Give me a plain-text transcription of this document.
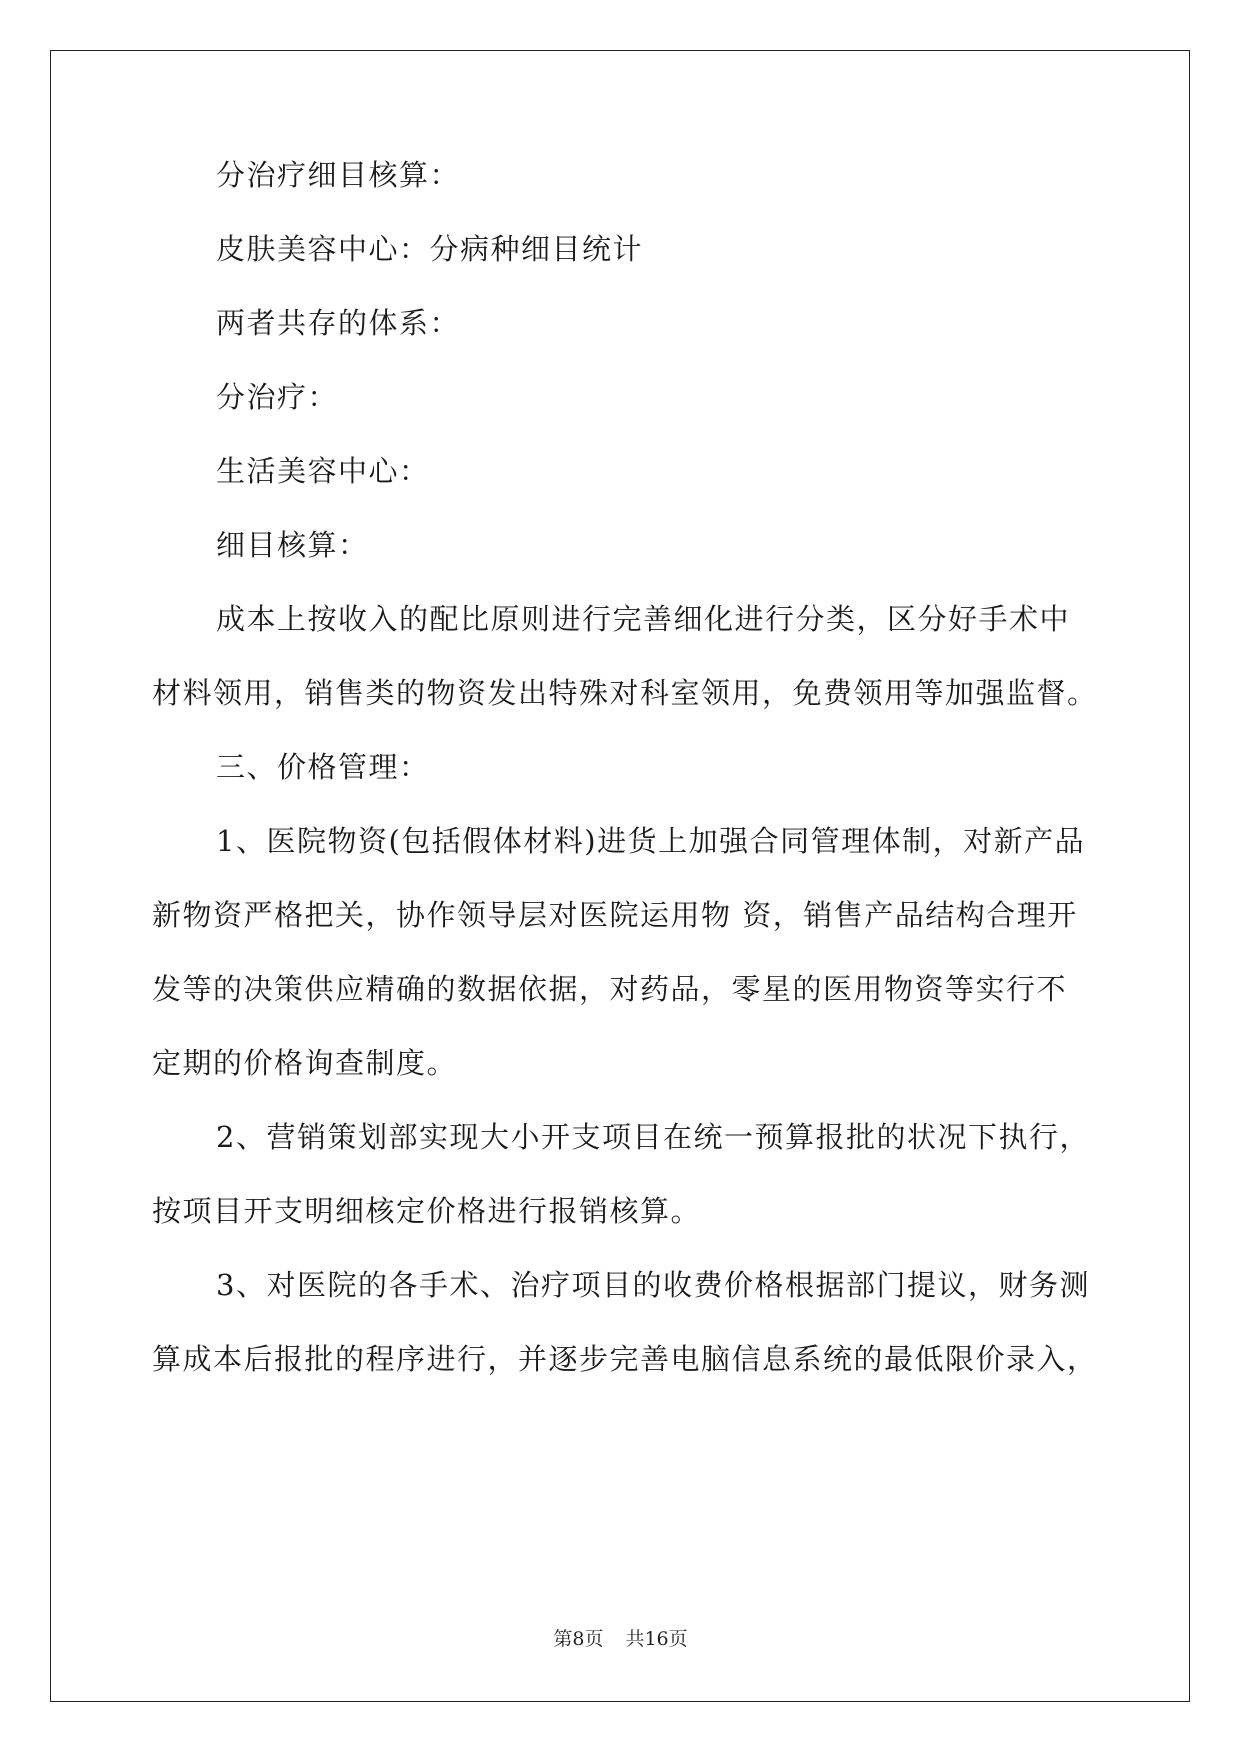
分治疗细目核算：

皮肤美容中心：分病种细目统计

两者共存的体系：

分治疗：

生活美容中心：

细目核算：

成本上按收入的配比原则进行完善细化进行分类，区分好手术中

材料领用，销售类的物资发出特殊对科室领用，免费领用等加强监督。

三、价格管理：

1、医院物资(包括假体材料)进货上加强合同管理体制，对新产品

新物资严格把关，协作领导层对医院运用物 资，销售产品结构合理开

发等的决策供应精确的数据依据，对药品，零星的医用物资等实行不

定期的价格询查制度。

2、营销策划部实现大小开支项目在统一预算报批的状况下执行，

按项目开支明细核定价格进行报销核算。

3、对医院的各手术、治疗项目的收费价格根据部门提议，财务测

算成本后报批的程序进行，并逐步完善电脑信息系统的最低限价录入，

第8页 共16页
